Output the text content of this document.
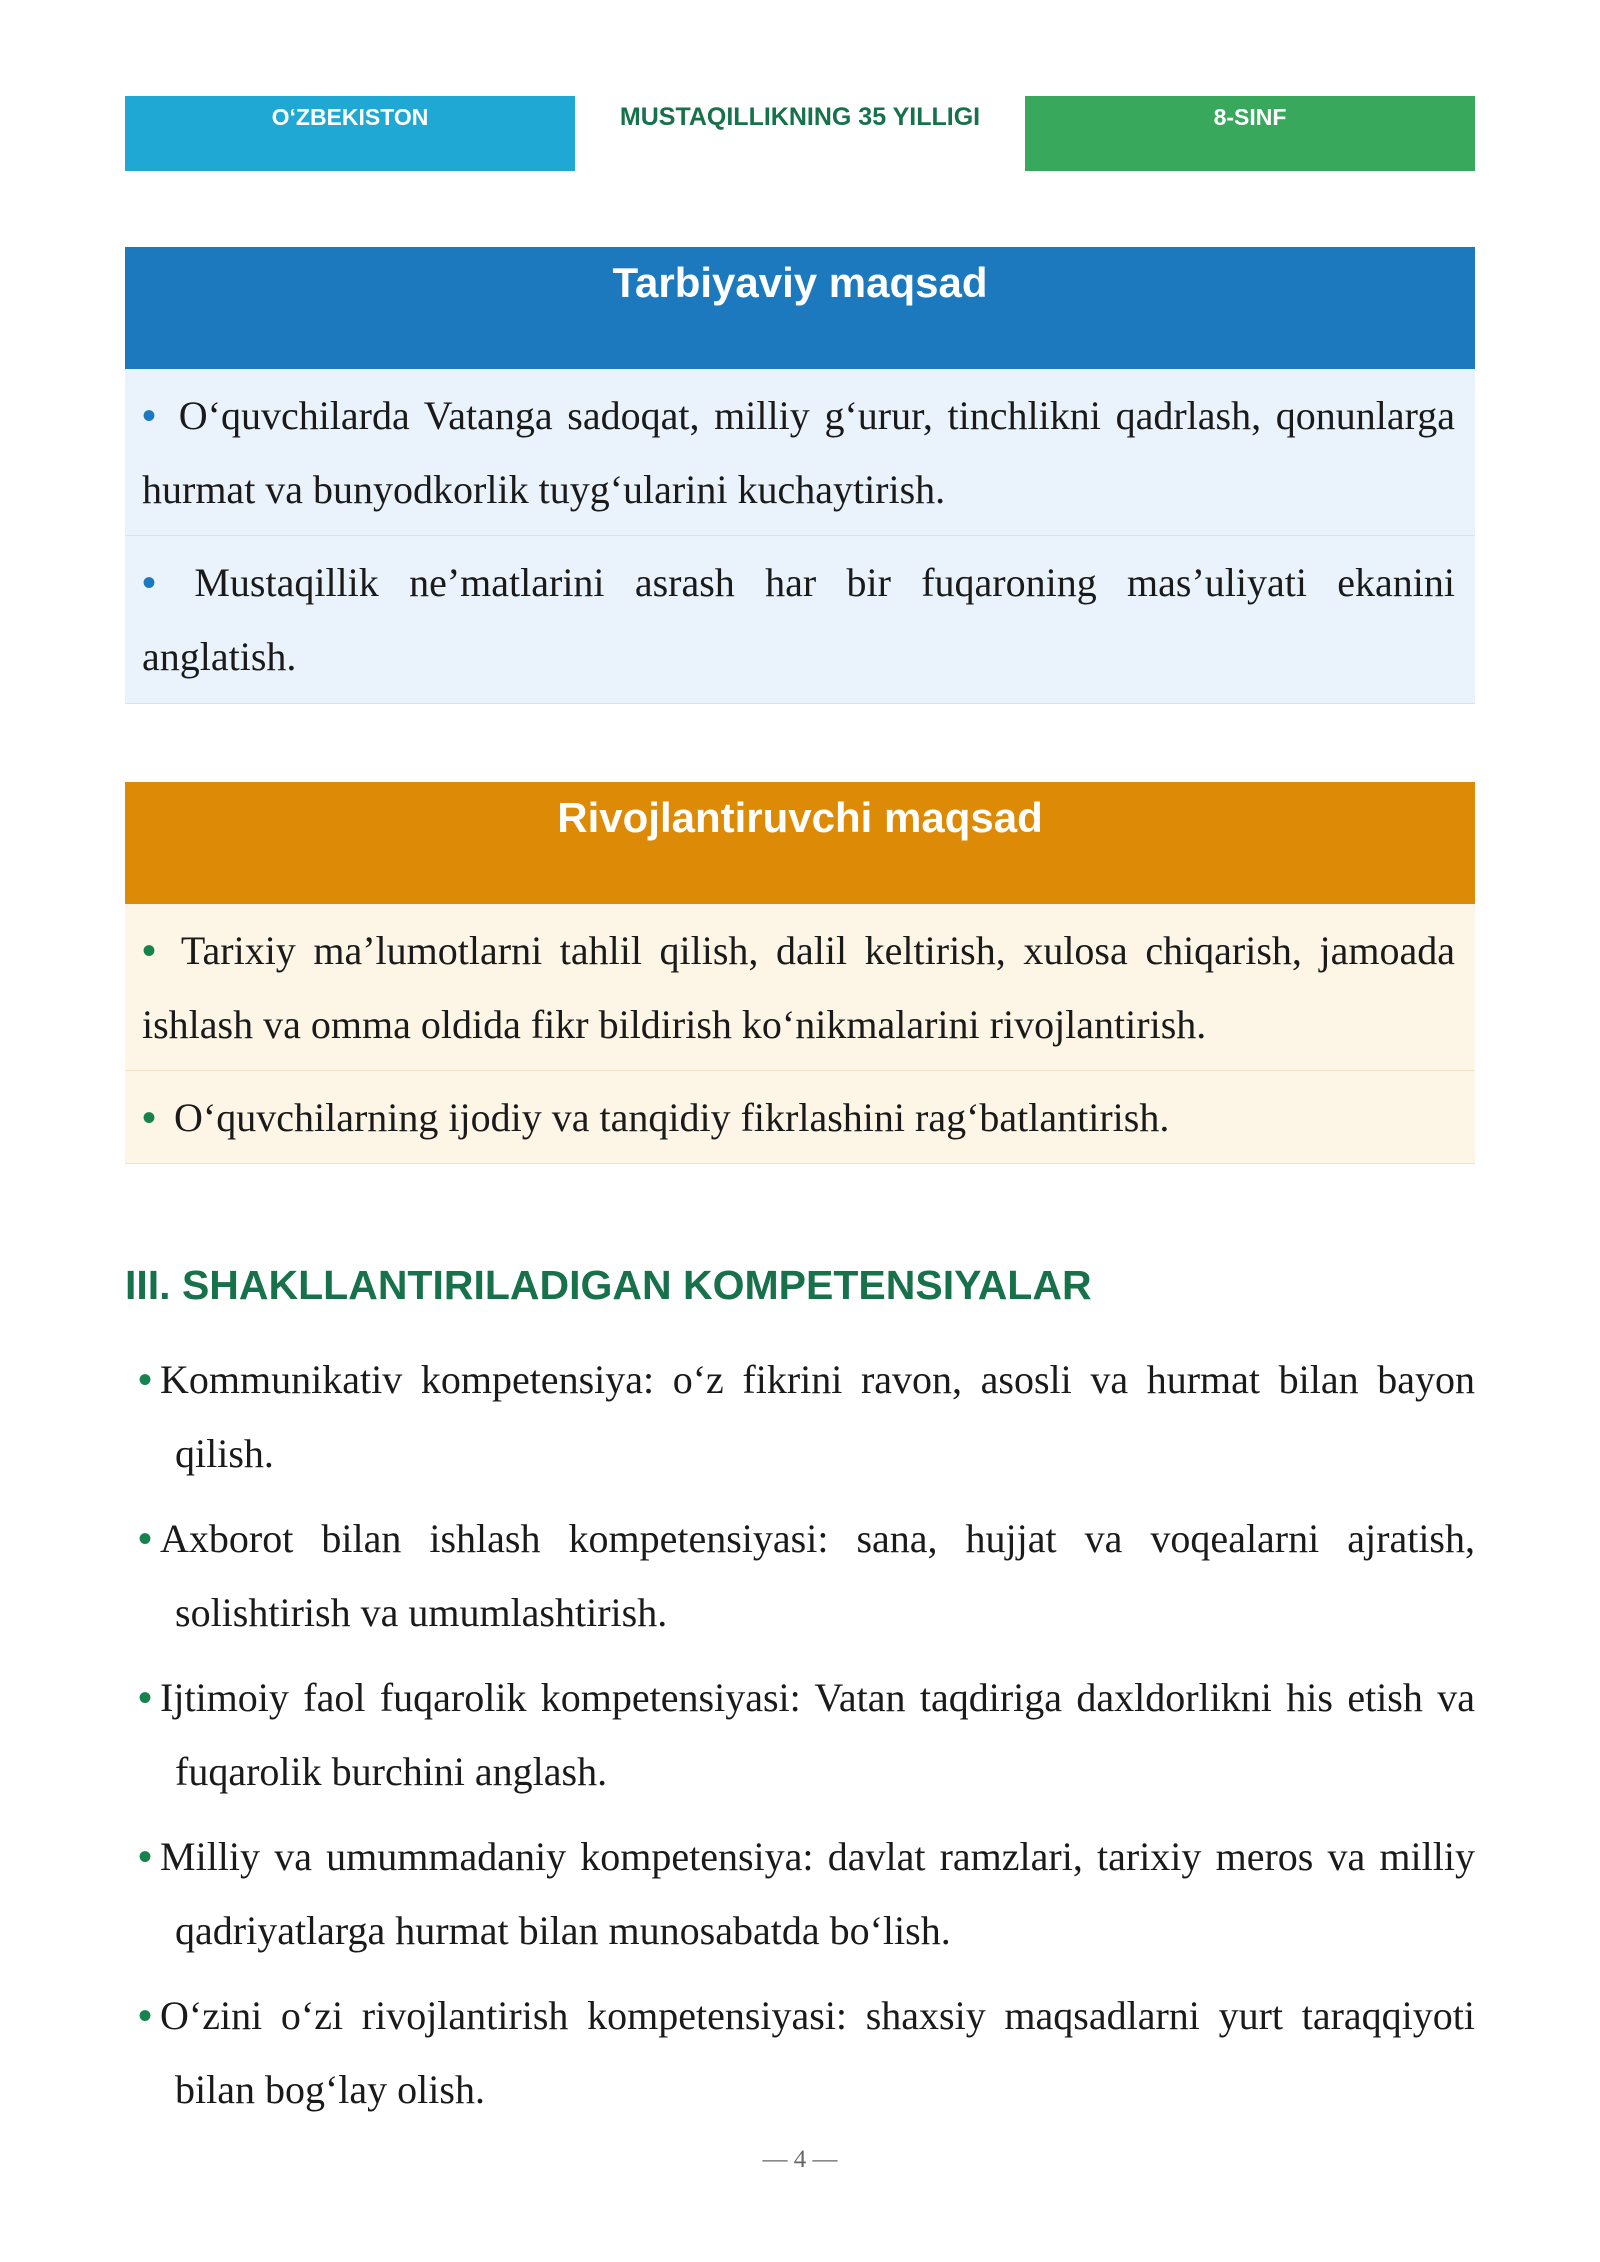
O‘ZBEKISTON	MUSTAQILLIKNING 35 YILLIGI	8-SINF
Tarbiyaviy maqsad
• O‘quvchilarda Vatanga sadoqat, milliy g‘urur, tinchlikni qadrlash, qonunlarga hurmat va bunyodkorlik tuyg‘ularini kuchaytirish.
• Mustaqillik ne’matlarini asrash har bir fuqaroning mas’uliyati ekanini anglatish.
Rivojlantiruvchi maqsad
• Tarixiy ma’lumotlarni tahlil qilish, dalil keltirish, xulosa chiqarish, jamoada ishlash va omma oldida fikr bildirish ko‘nikmalarini rivojlantirish.
• O‘quvchilarning ijodiy va tanqidiy fikrlashini rag‘batlantirish.
III. SHAKLLANTIRILADIGAN KOMPETENSIYALAR
• Kommunikativ kompetensiya: o‘z fikrini ravon, asosli va hurmat bilan bayon qilish.
• Axborot bilan ishlash kompetensiyasi: sana, hujjat va voqealarni ajratish, solishtirish va umumlashtirish.
• Ijtimoiy faol fuqarolik kompetensiyasi: Vatan taqdiriga daxldorlikni his etish va fuqarolik burchini anglash.
• Milliy va umummadaniy kompetensiya: davlat ramzlari, tarixiy meros va milliy qadriyatlarga hurmat bilan munosabatda bo‘lish.
• O‘zini o‘zi rivojlantirish kompetensiyasi: shaxsiy maqsadlarni yurt taraqqiyoti bilan bog‘lay olish.
— 4 —
